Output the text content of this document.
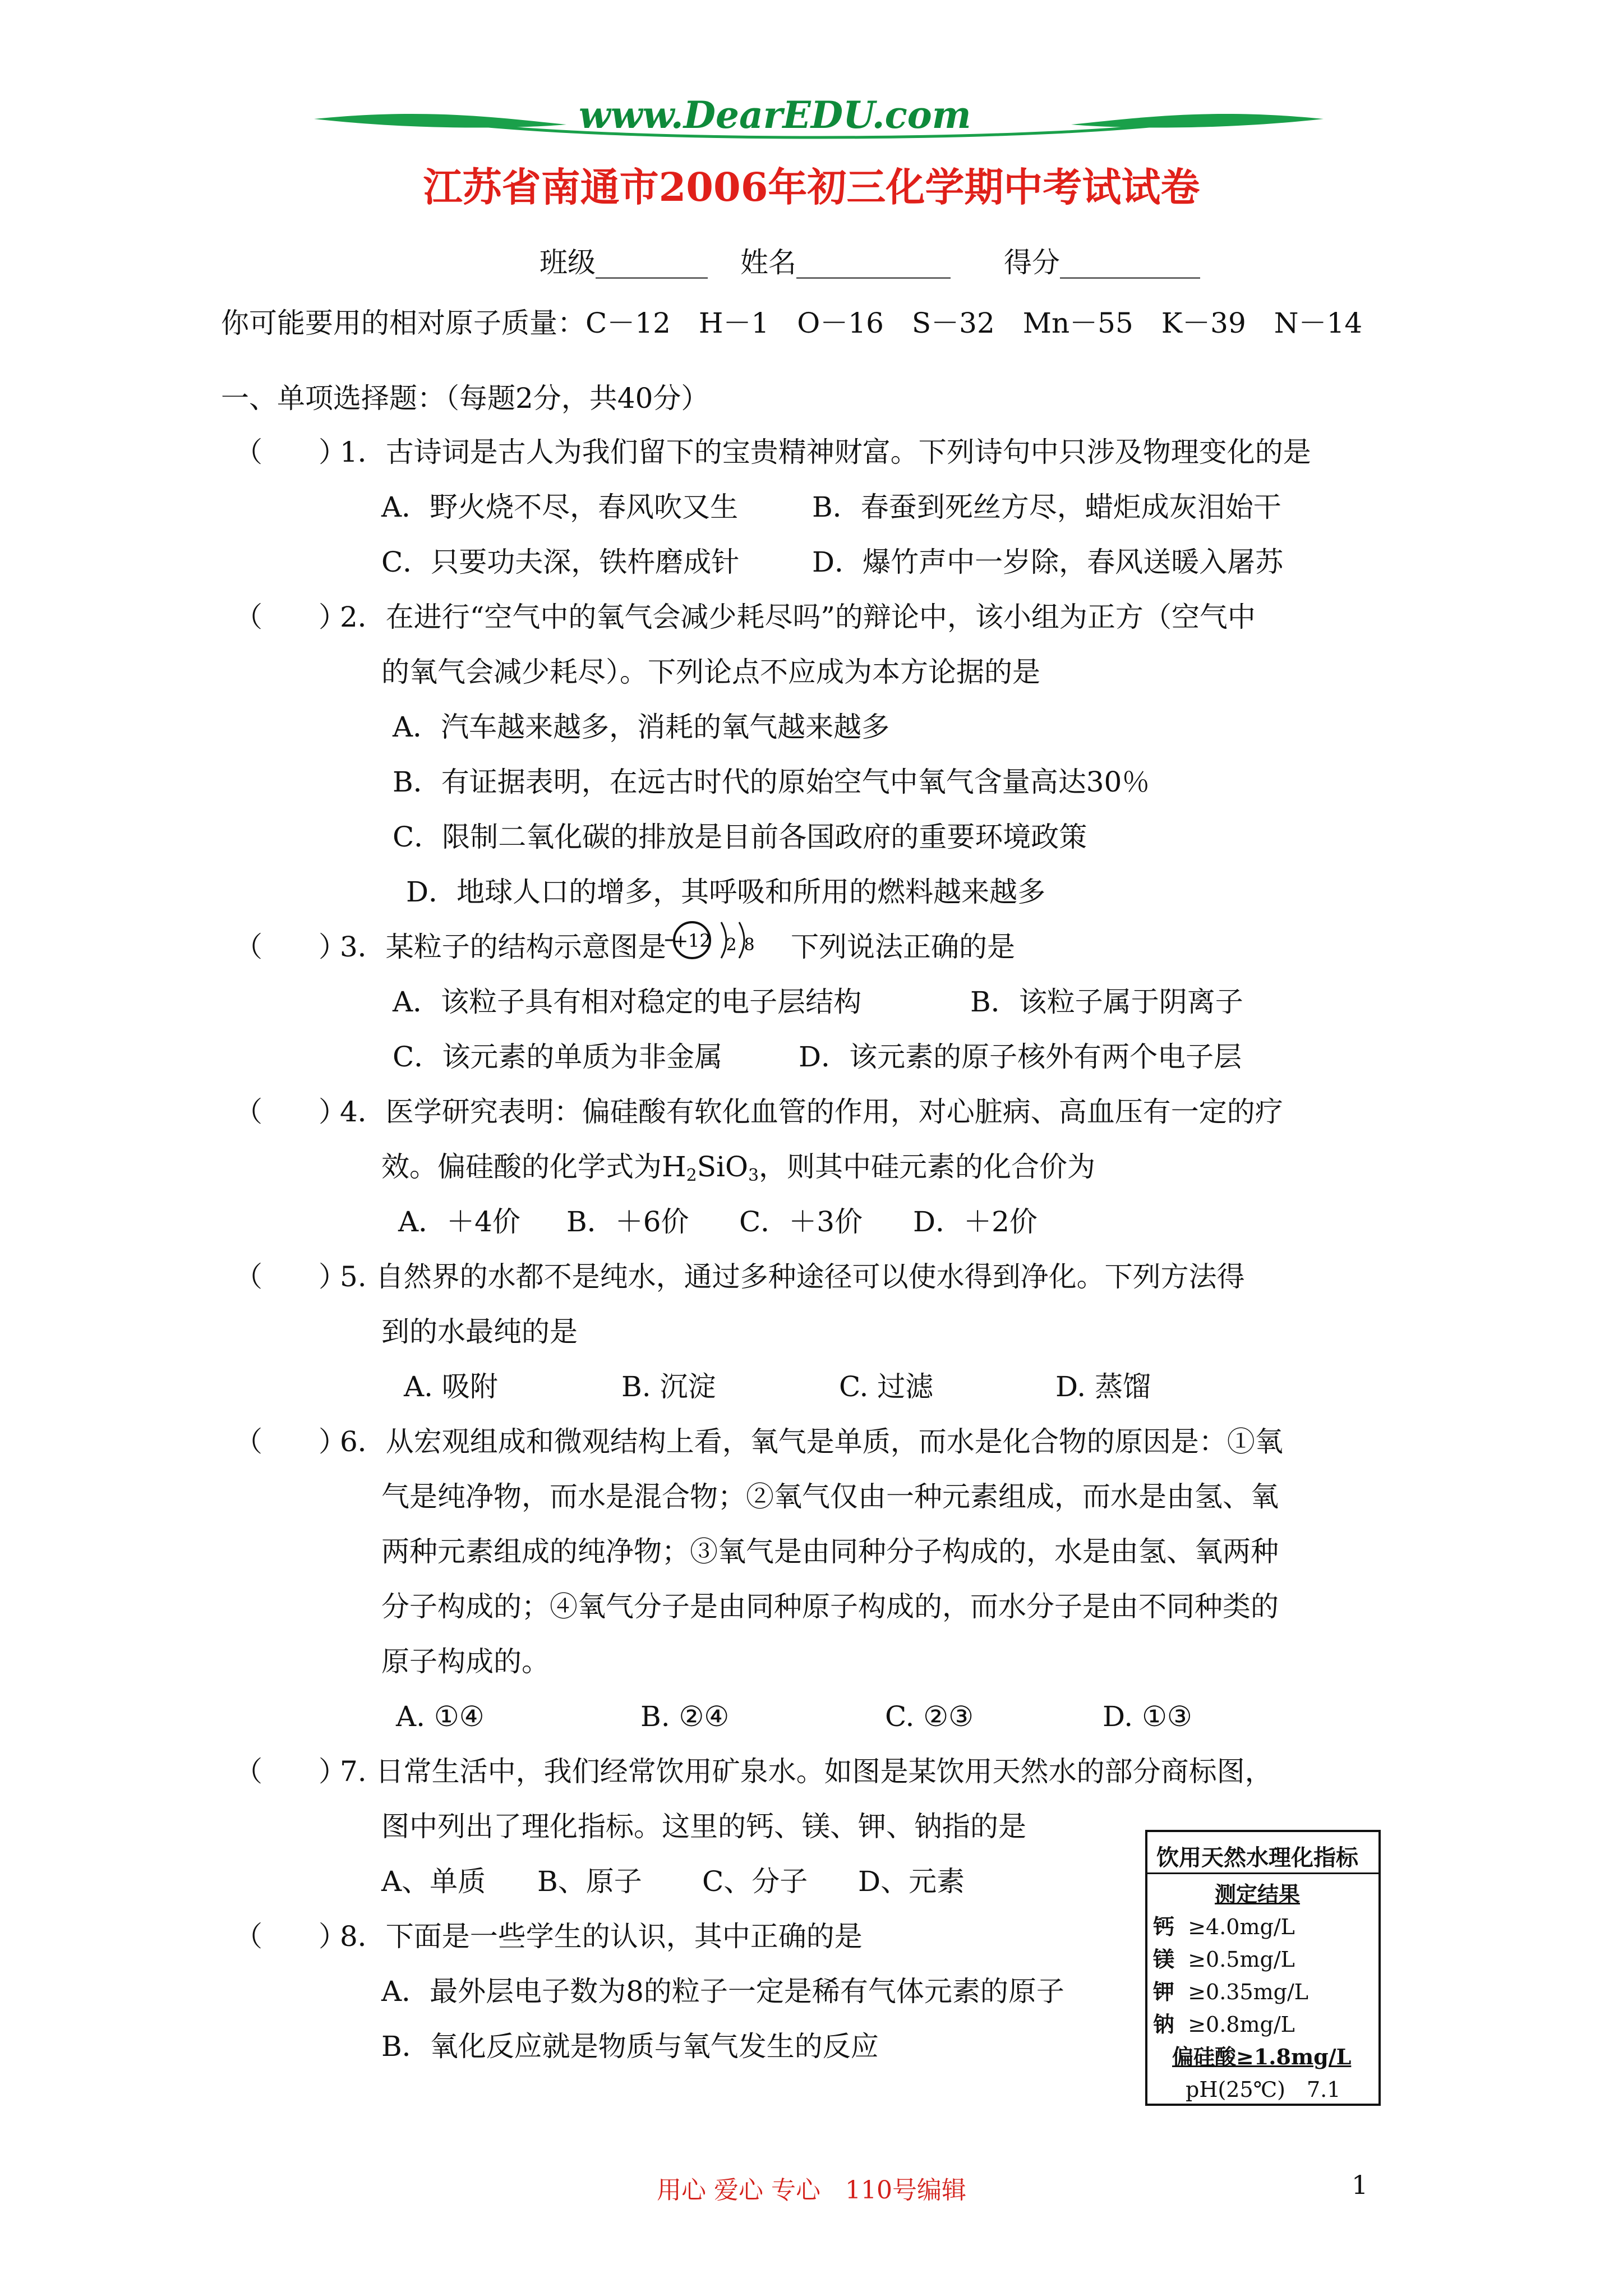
www.DearEDU.com
江苏省南通市2006年初三化学期中考试试卷
班级________ 姓名___________ 得分__________
你可能要用的相对原子质量：C－12　H－1　O－16　S－32　Mn－55　K－39　N－14
一、单项选择题：（每题2分，共40分）
（　　）
1．古诗词是古人为我们留下的宝贵精神财富。下列诗句中只涉及物理变化的是
A．野火烧不尽，春风吹又生	B．春蚕到死丝方尽，蜡炬成灰泪始干
C．只要功夫深，铁杵磨成针	D．爆竹声中一岁除，春风送暖入屠苏
（　　）
2．在进行“空气中的氧气会减少耗尽吗”的辩论中，该小组为正方（空气中
的氧气会减少耗尽）。下列论点不应成为本方论据的是
A．汽车越来越多，消耗的氧气越来越多
B．有证据表明，在远古时代的原始空气中氧气含量高达30％
C．限制二氧化碳的排放是目前各国政府的重要环境政策
D．地球人口的增多，其呼吸和所用的燃料越来越多
（　　）
3．某粒子的结构示意图是 +12 2 8 下列说法正确的是
A．该粒子具有相对稳定的电子层结构	B．该粒子属于阴离子
C．该元素的单质为非金属	D．该元素的原子核外有两个电子层
（　　）
4．医学研究表明：偏硅酸有软化血管的作用，对心脏病、高血压有一定的疗
效。偏硅酸的化学式为$H_2SiO_3$，则其中硅元素的化合价为
A．＋4价 B．＋6价 C．＋3价 D．＋2价
（　　）
5. 自然界的水都不是纯水，通过多种途径可以使水得到净化。下列方法得
到的水最纯的是
A. 吸附	B. 沉淀	C. 过滤	D. 蒸馏
（　　）
6．从宏观组成和微观结构上看，氧气是单质，而水是化合物的原因是：①氧
气是纯净物，而水是混合物；②氧气仅由一种元素组成，而水是由氢、氧
两种元素组成的纯净物；③氧气是由同种分子构成的，水是由氢、氧两种
分子构成的；④氧气分子是由同种原子构成的，而水分子是由不同种类的
原子构成的。
A. ①④	B. ②④	C. ②③	D. ①③
（　　）
7. 日常生活中，我们经常饮用矿泉水。如图是某饮用天然水的部分商标图，
图中列出了理化指标。这里的钙、镁、钾、钠指的是
A、单质 B、原子 C、分子 D、元素
饮用天然水理化指标
测定结果
钙 ≥4.0mg/L
镁 ≥0.5mg/L
钾 ≥0.35mg/L
钠 ≥0.8mg/L
偏硅酸≥1.8mg/L
pH(25℃)　7.1
（　　）
8．下面是一些学生的认识，其中正确的是
A．最外层电子数为8的粒子一定是稀有气体元素的原子
B．氧化反应就是物质与氧气发生的反应
用心 爱心 专心　110号编辑	1
